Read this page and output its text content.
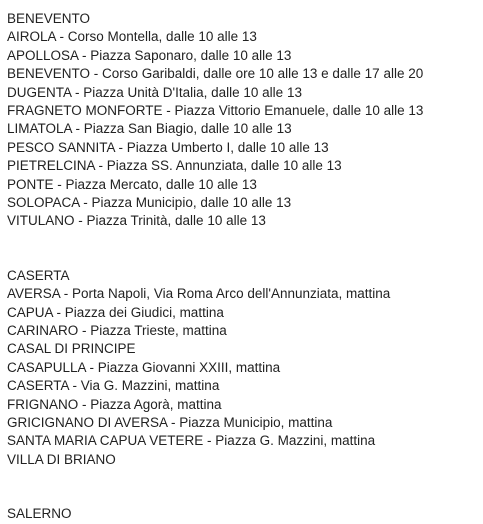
BENEVENTO
AIROLA - Corso Montella, dalle 10 alle 13
APOLLOSA - Piazza Saponaro, dalle 10 alle 13
BENEVENTO - Corso Garibaldi, dalle ore 10 alle 13 e dalle 17 alle 20
DUGENTA - Piazza Unità D'Italia, dalle 10 alle 13
FRAGNETO MONFORTE - Piazza Vittorio Emanuele, dalle 10 alle 13
LIMATOLA - Piazza San Biagio, dalle 10 alle 13
PESCO SANNITA - Piazza Umberto I, dalle 10 alle 13
PIETRELCINA - Piazza SS. Annunziata, dalle 10 alle 13
PONTE - Piazza Mercato, dalle 10 alle 13
SOLOPACA - Piazza Municipio, dalle 10 alle 13
VITULANO - Piazza Trinità, dalle 10 alle 13
CASERTA
AVERSA - Porta Napoli, Via Roma Arco dell'Annunziata, mattina
CAPUA - Piazza dei Giudici, mattina
CARINARO - Piazza Trieste, mattina
CASAL DI PRINCIPE
CASAPULLA - Piazza Giovanni XXIII, mattina
CASERTA - Via G. Mazzini, mattina
FRIGNANO - Piazza Agorà, mattina
GRICIGNANO DI AVERSA - Piazza Municipio, mattina
SANTA MARIA CAPUA VETERE - Piazza G. Mazzini, mattina
VILLA DI BRIANO
SALERNO
